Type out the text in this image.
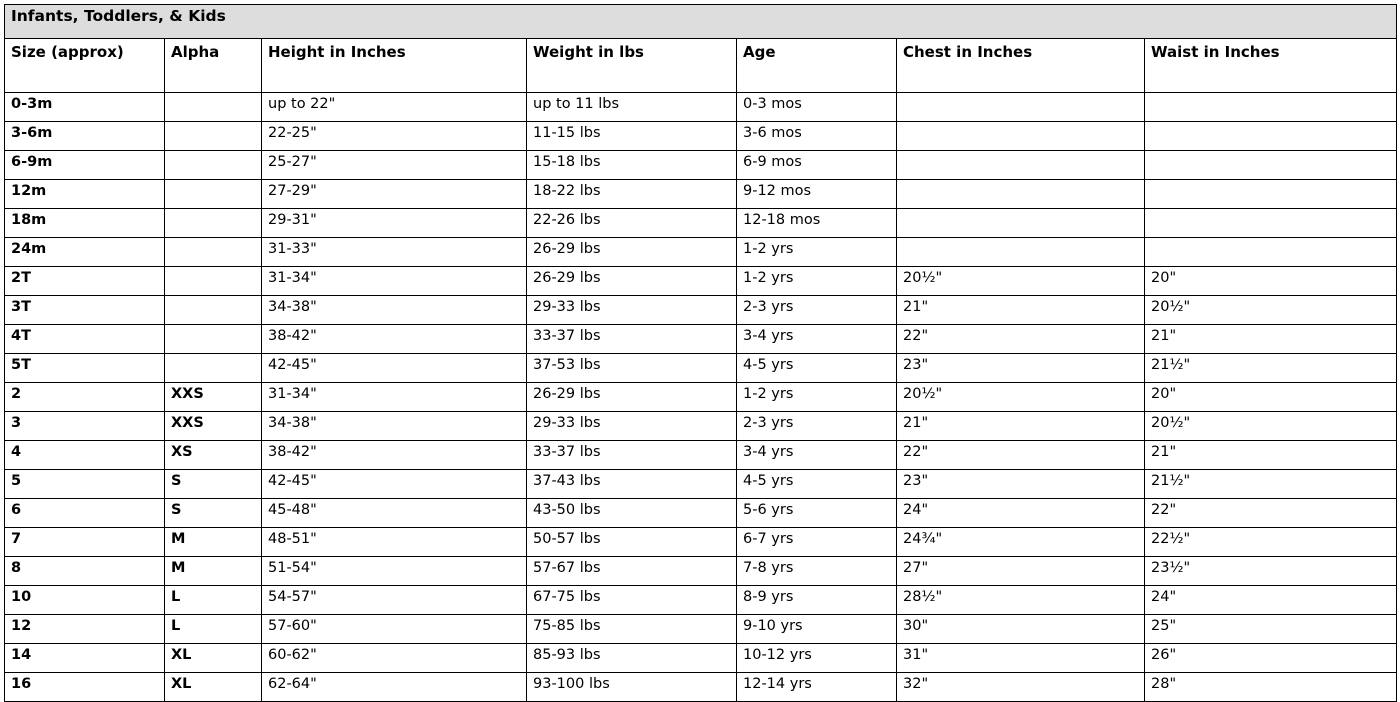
Infants, Toddlers, & Kids						
Size (approx)	Alpha	Height in Inches	Weight in lbs	Age	Chest in Inches	Waist in Inches
0-3m		up to 22"	up to 11 lbs	0-3 mos		
3-6m		22-25"	11-15 lbs	3-6 mos		
6-9m		25-27"	15-18 lbs	6-9 mos		
12m		27-29"	18-22 lbs	9-12 mos		
18m		29-31"	22-26 lbs	12-18 mos		
24m		31-33"	26-29 lbs	1-2 yrs		
2T		31-34"	26-29 lbs	1-2 yrs	20½"	20"
3T		34-38"	29-33 lbs	2-3 yrs	21"	20½"
4T		38-42"	33-37 lbs	3-4 yrs	22"	21"
5T		42-45"	37-53 lbs	4-5 yrs	23"	21½"
2	XXS	31-34"	26-29 lbs	1-2 yrs	20½"	20"
3	XXS	34-38"	29-33 lbs	2-3 yrs	21"	20½"
4	XS	38-42"	33-37 lbs	3-4 yrs	22"	21"
5	S	42-45"	37-43 lbs	4-5 yrs	23"	21½"
6	S	45-48"	43-50 lbs	5-6 yrs	24"	22"
7	M	48-51"	50-57 lbs	6-7 yrs	24¾"	22½"
8	M	51-54"	57-67 lbs	7-8 yrs	27"	23½"
10	L	54-57"	67-75 lbs	8-9 yrs	28½"	24"
12	L	57-60"	75-85 lbs	9-10 yrs	30"	25"
14	XL	60-62"	85-93 lbs	10-12 yrs	31"	26"
16	XL	62-64"	93-100 lbs	12-14 yrs	32"	28"
